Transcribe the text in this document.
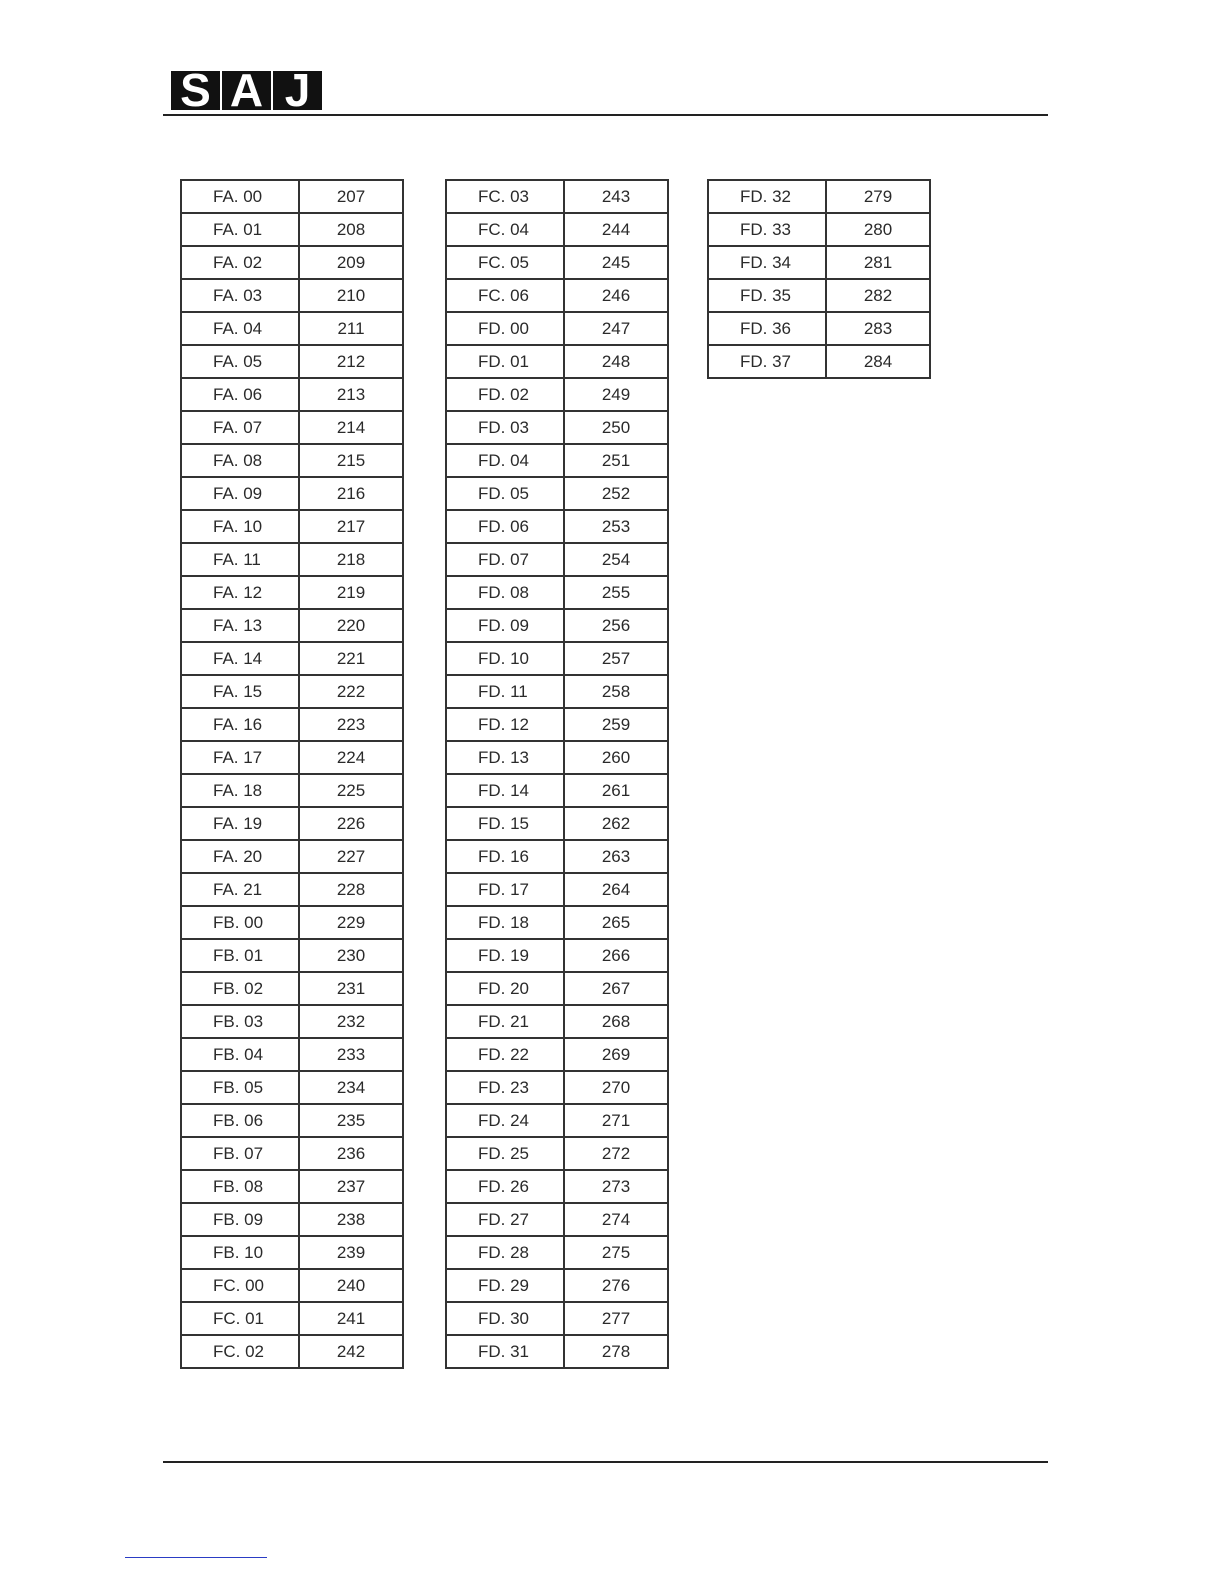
S A J
FA. 00	207
FA. 01	208
FA. 02	209
FA. 03	210
FA. 04	211
FA. 05	212
FA. 06	213
FA. 07	214
FA. 08	215
FA. 09	216
FA. 10	217
FA. 11	218
FA. 12	219
FA. 13	220
FA. 14	221
FA. 15	222
FA. 16	223
FA. 17	224
FA. 18	225
FA. 19	226
FA. 20	227
FA. 21	228
FB. 00	229
FB. 01	230
FB. 02	231
FB. 03	232
FB. 04	233
FB. 05	234
FB. 06	235
FB. 07	236
FB. 08	237
FB. 09	238
FB. 10	239
FC. 00	240
FC. 01	241
FC. 02	242
FC. 03	243
FC. 04	244
FC. 05	245
FC. 06	246
FD. 00	247
FD. 01	248
FD. 02	249
FD. 03	250
FD. 04	251
FD. 05	252
FD. 06	253
FD. 07	254
FD. 08	255
FD. 09	256
FD. 10	257
FD. 11	258
FD. 12	259
FD. 13	260
FD. 14	261
FD. 15	262
FD. 16	263
FD. 17	264
FD. 18	265
FD. 19	266
FD. 20	267
FD. 21	268
FD. 22	269
FD. 23	270
FD. 24	271
FD. 25	272
FD. 26	273
FD. 27	274
FD. 28	275
FD. 29	276
FD. 30	277
FD. 31	278
FD. 32	279
FD. 33	280
FD. 34	281
FD. 35	282
FD. 36	283
FD. 37	284
